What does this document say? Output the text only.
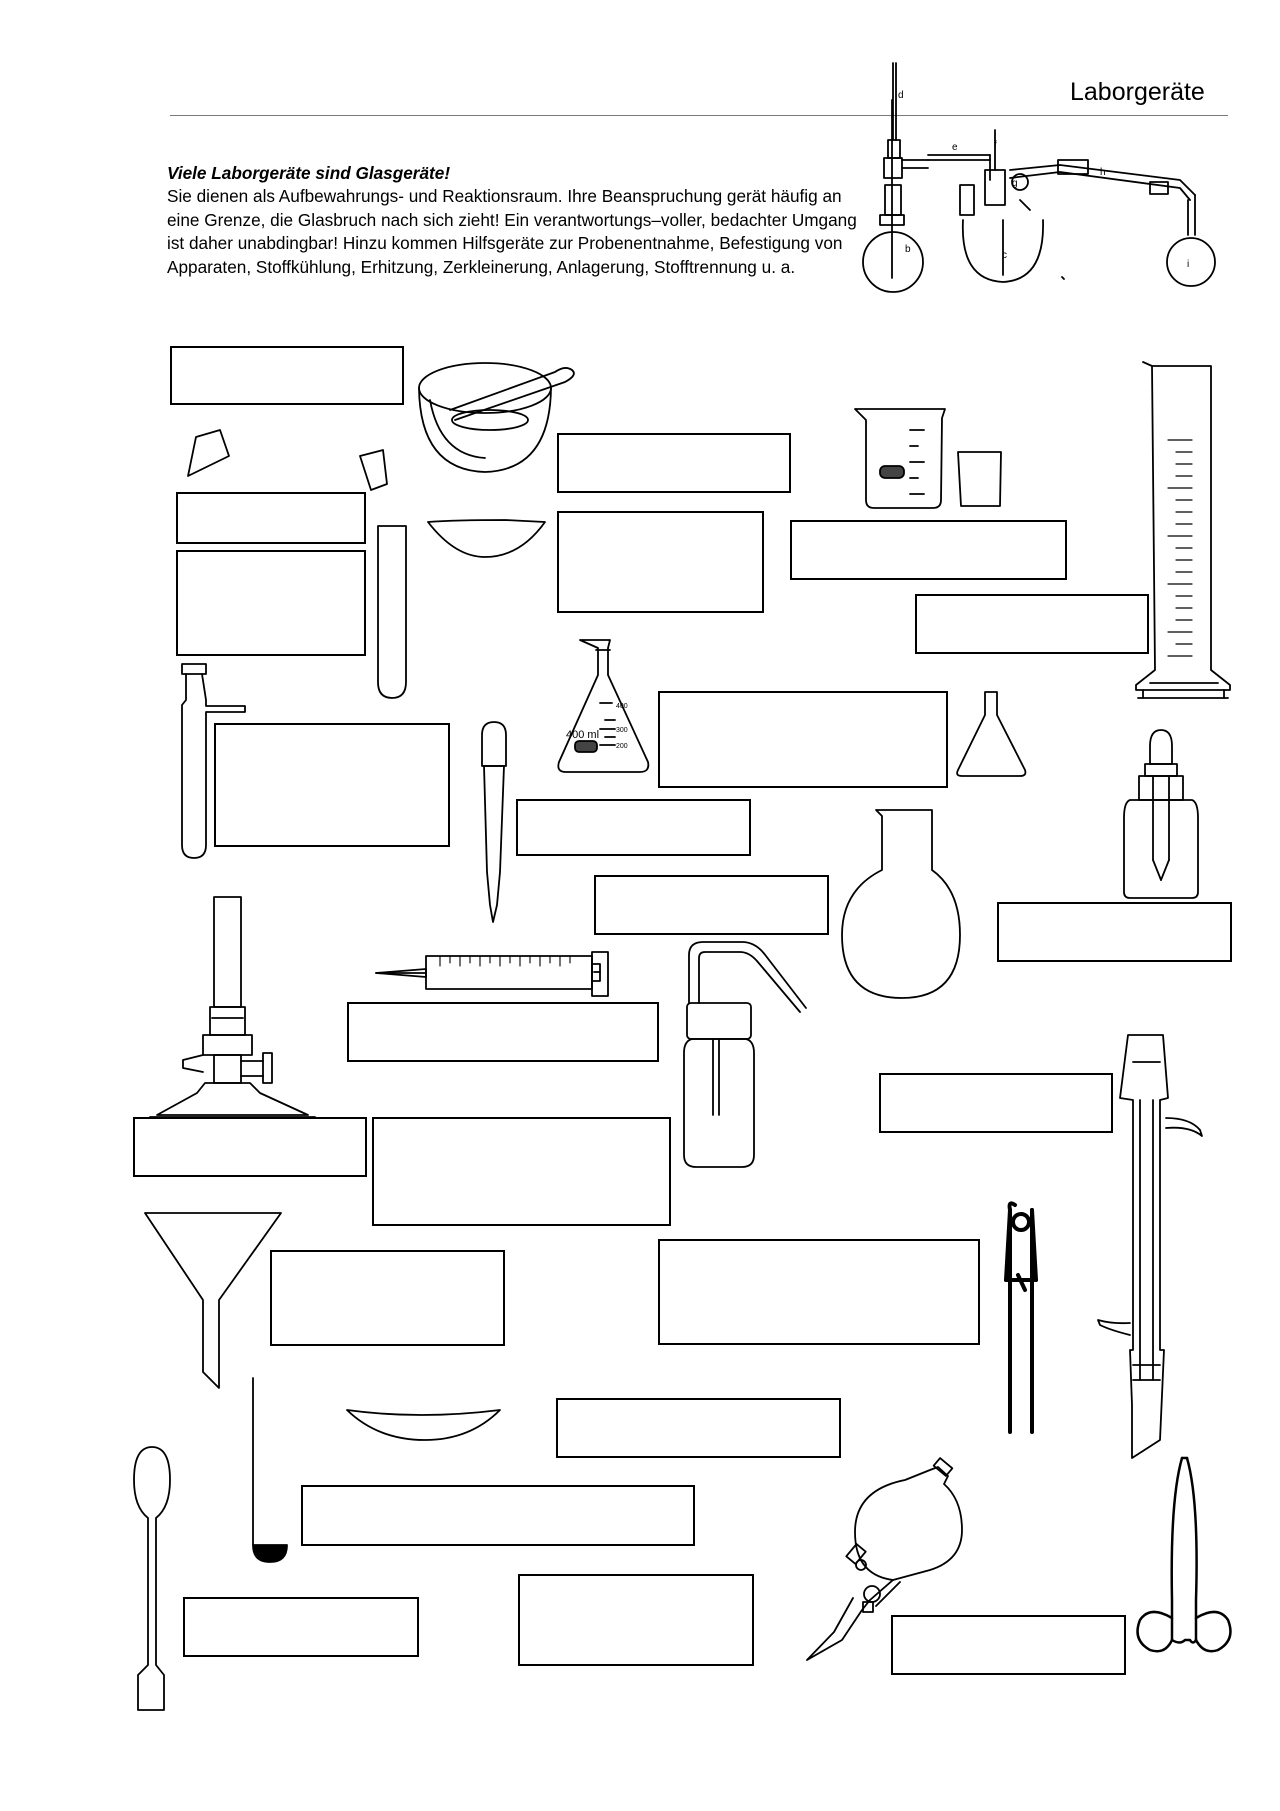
Laborgeräte
Viele Laborgeräte sind Glasgeräte!
Sie dienen als Aufbewahrungs- und Reaktionsraum. Ihre Beanspruchung gerät häufig an eine Grenze, die Glasbruch nach sich zieht! Ein verantwortungs–voller, bedachter Umgang ist daher unabdingbar! Hinzu kommen Hilfsgeräte zur Probenentnahme, Befestigung von Apparaten, Stoffkühlung, Erhitzung, Zerkleinerung, Anlagerung, Stofftrennung u. a.
d
e	f
g
h
b
c
i
400 ml
400
300
200
